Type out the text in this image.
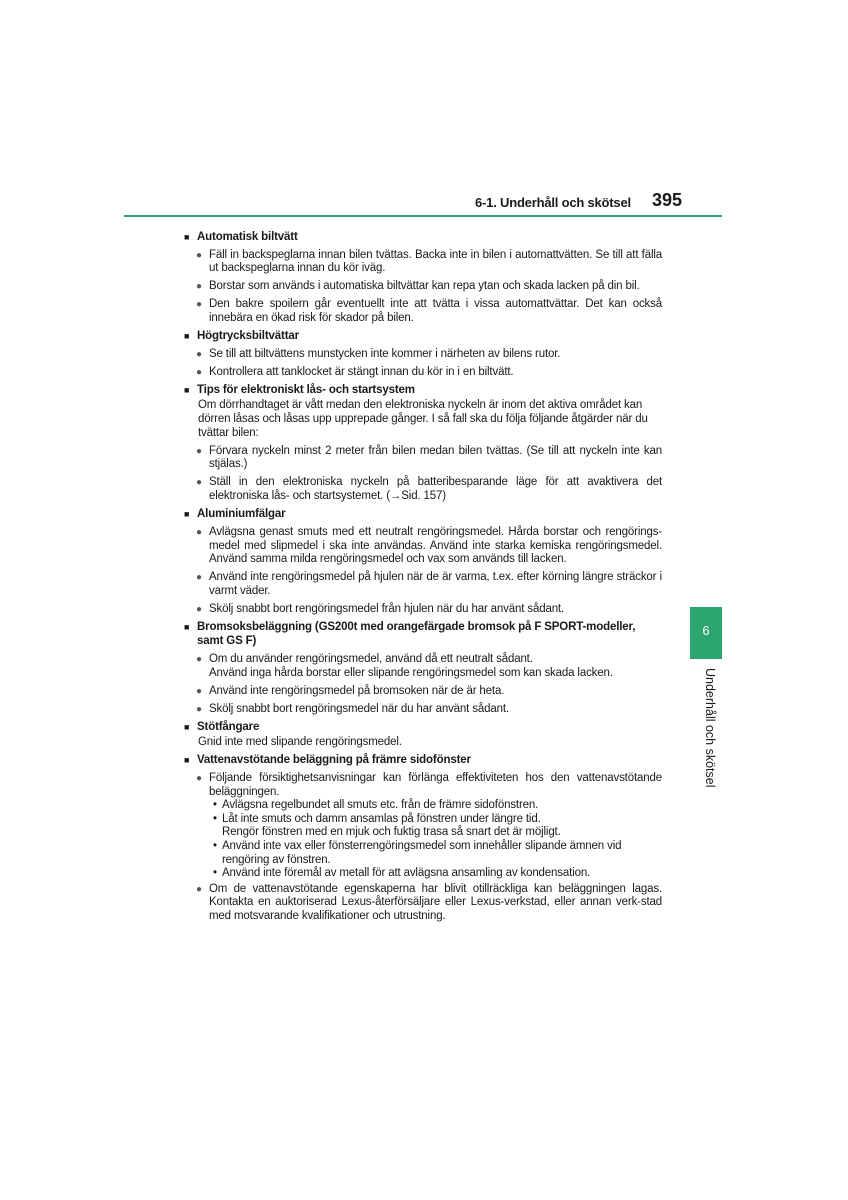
6-1. Underhåll och skötsel 395
6
Underhåll och skötsel
■ Automatisk biltvätt
● Fäll in backspeglarna innan bilen tvättas. Backa inte in bilen i automattvätten. Se till att fälla ut backspeglarna innan du kör iväg.
● Borstar som används i automatiska biltvättar kan repa ytan och skada lacken på din bil.
● Den bakre spoilern går eventuellt inte att tvätta i vissa automattvättar. Det kan också innebära en ökad risk för skador på bilen.
■ Högtrycksbiltvättar
● Se till att biltvättens munstycken inte kommer i närheten av bilens rutor.
● Kontrollera att tanklocket är stängt innan du kör in i en biltvätt.
■ Tips för elektroniskt lås- och startsystem
Om dörrhandtaget är vått medan den elektroniska nyckeln är inom det aktiva området kan dörren låsas och låsas upp upprepade gånger. I så fall ska du följa följande åtgärder när du tvättar bilen:
● Förvara nyckeln minst 2 meter från bilen medan bilen tvättas. (Se till att nyckeln inte kan stjälas.)
● Ställ in den elektroniska nyckeln på batteribesparande läge för att avaktivera det elektroniska lås- och startsystemet. (→Sid. 157)
■ Aluminiumfälgar
● Avlägsna genast smuts med ett neutralt rengöringsmedel. Hårda borstar och rengörings-medel med slipmedel i ska inte användas. Använd inte starka kemiska rengöringsmedel. Använd samma milda rengöringsmedel och vax som används till lacken.
● Använd inte rengöringsmedel på hjulen när de är varma, t.ex. efter körning längre sträckor i varmt väder.
● Skölj snabbt bort rengöringsmedel från hjulen när du har använt sådant.
■ Bromsoksbeläggning (GS200t med orangefärgade bromsok på F SPORT-modeller, samt GS F)
● Om du använder rengöringsmedel, använd då ett neutralt sådant.
Använd inga hårda borstar eller slipande rengöringsmedel som kan skada lacken.
● Använd inte rengöringsmedel på bromsoken när de är heta.
● Skölj snabbt bort rengöringsmedel när du har använt sådant.
■ Stötfångare
Gnid inte med slipande rengöringsmedel.
■ Vattenavstötande beläggning på främre sidofönster
● Följande försiktighetsanvisningar kan förlänga effektiviteten hos den vattenavstötande beläggningen.
• Avlägsna regelbundet all smuts etc. från de främre sidofönstren.
• Låt inte smuts och damm ansamlas på fönstren under längre tid.
Rengör fönstren med en mjuk och fuktig trasa så snart det är möjligt.
• Använd inte vax eller fönsterrengöringsmedel som innehåller slipande ämnen vid rengöring av fönstren.
• Använd inte föremål av metall för att avlägsna ansamling av kondensation.
● Om de vattenavstötande egenskaperna har blivit otillräckliga kan beläggningen lagas. Kontakta en auktoriserad Lexus-återförsäljare eller Lexus-verkstad, eller annan verk-stad med motsvarande kvalifikationer och utrustning.
